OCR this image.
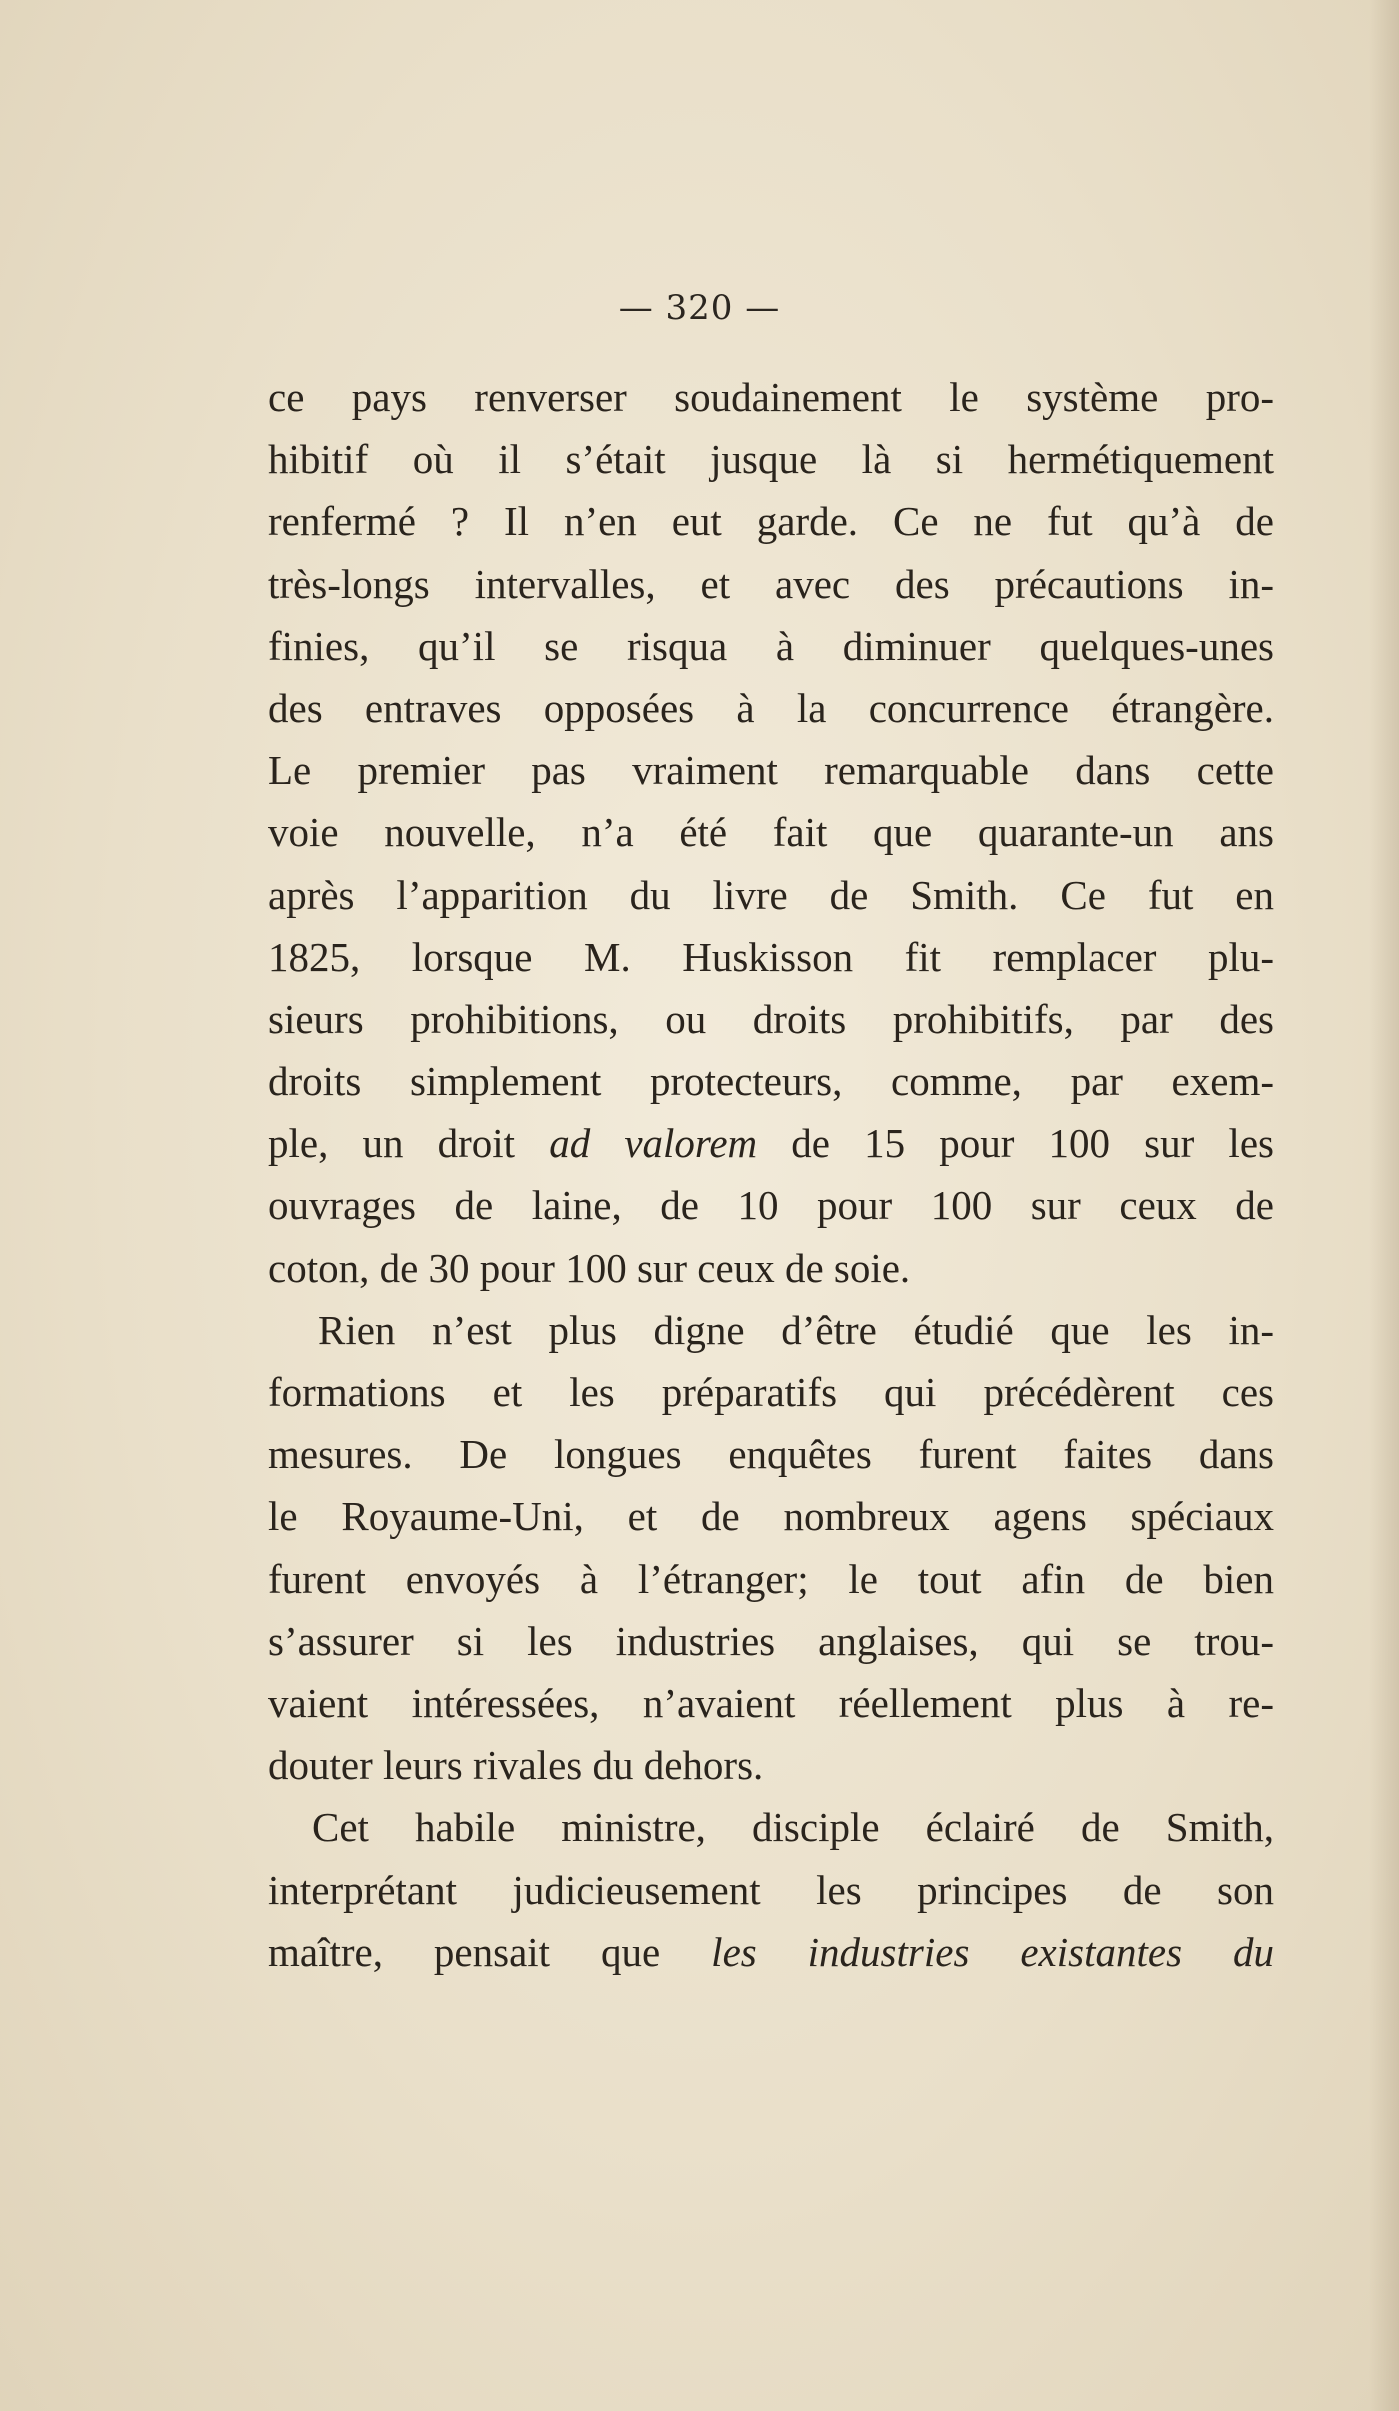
— 320 —
ce pays renverser soudainement le système pro-
hibitif où il s’était jusque là si hermétiquement
renfermé ? Il n’en eut garde. Ce ne fut qu’à de
très-longs intervalles, et avec des précautions in-
finies, qu’il se risqua à diminuer quelques-unes
des entraves opposées à la concurrence étrangère.
Le premier pas vraiment remarquable dans cette
voie nouvelle, n’a été fait que quarante-un ans
après l’apparition du livre de Smith. Ce fut en
1825, lorsque M. Huskisson fit remplacer plu-
sieurs prohibitions, ou droits prohibitifs, par des
droits simplement protecteurs, comme, par exem-
ple, un droit ad valorem de 15 pour 100 sur les
ouvrages de laine, de 10 pour 100 sur ceux de
coton, de 30 pour 100 sur ceux de soie.
Rien n’est plus digne d’être étudié que les in-
formations et les préparatifs qui précédèrent ces
mesures. De longues enquêtes furent faites dans
le Royaume-Uni, et de nombreux agens spéciaux
furent envoyés à l’étranger; le tout afin de bien
s’assurer si les industries anglaises, qui se trou-
vaient intéressées, n’avaient réellement plus à re-
douter leurs rivales du dehors.
Cet habile ministre, disciple éclairé de Smith,
interprétant judicieusement les principes de son
maître, pensait que les industries existantes du
